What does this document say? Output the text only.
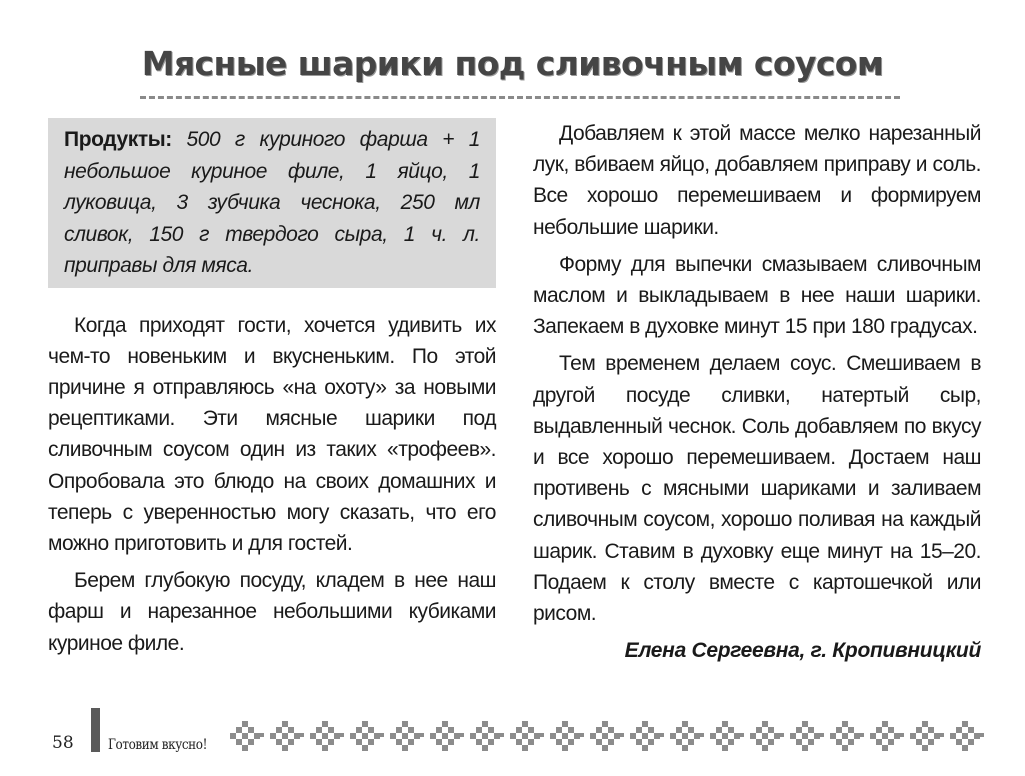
Мясные шарики под сливочным соусом
Продукты: 500 г куриного фарша + 1 небольшое куриное филе, 1 яйцо, 1 луковица, 3 зубчика чеснока, 250 мл сливок, 150 г твердого сыра, 1 ч. л. приправы для мяса.

Когда приходят гости, хочется удивить их чем-то новеньким и вкусненьким. По этой причине я отправляюсь «на охоту» за новыми рецептиками. Эти мясные шарики под сливочным соусом один из таких «трофеев». Опробовала это блюдо на своих домашних и теперь с уверенностью могу сказать, что его можно приготовить и для гостей.

Берем глубокую посуду, кладем в нее наш фарш и нарезанное небольшими кубиками куриное филе.

Добавляем к этой массе мелко нарезанный лук, вбиваем яйцо, добавляем приправу и соль. Все хорошо перемешиваем и формируем небольшие шарики.

Форму для выпечки смазываем сливочным маслом и выкладываем в нее наши шарики. Запекаем в духовке минут 15 при 180 градусах.

Тем временем делаем соус. Смешиваем в другой посуде сливки, натертый сыр, выдавленный чеснок. Соль добавляем по вкусу и все хорошо перемешиваем. Достаем наш противень с мясными шариками и заливаем сливочным соусом, хорошо поливая на каждый шарик. Ставим в духовку еще минут на 15–20. Подаем к столу вместе с картошечкой или рисом.

Елена Сергеевна, г. Кропивницкий
58	Готовим вкусно!
